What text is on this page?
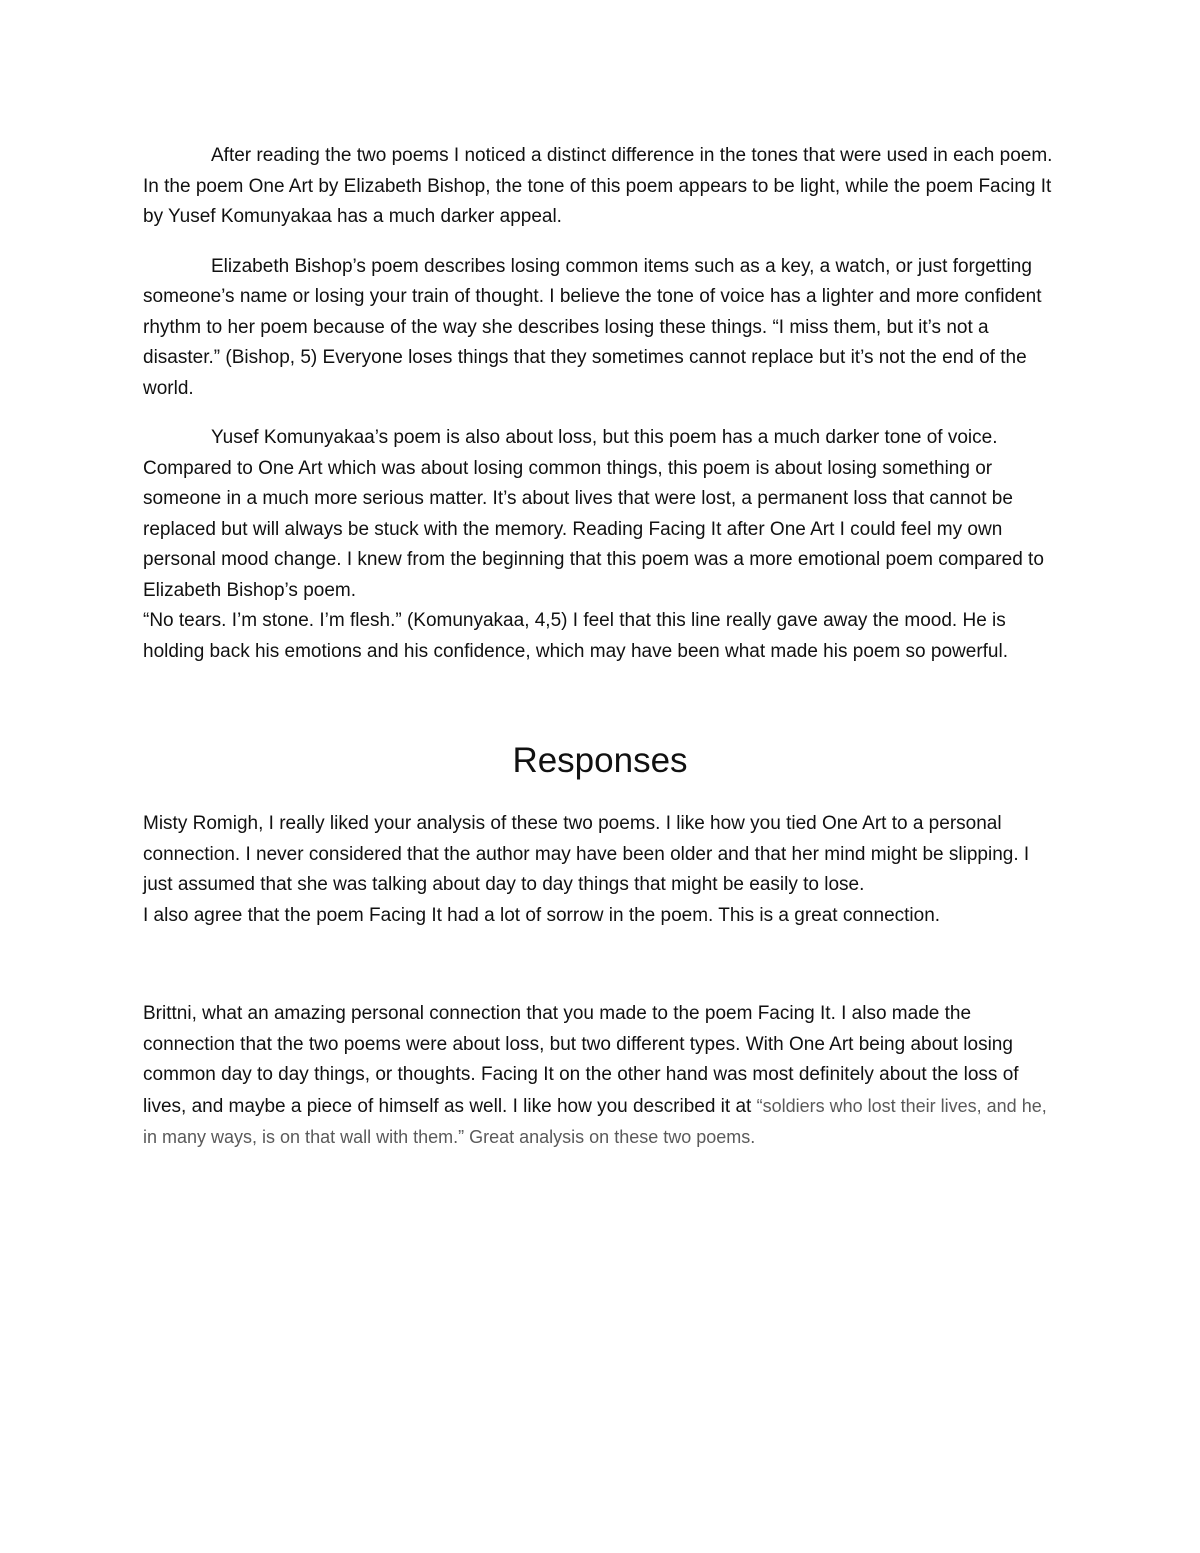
After reading the two poems I noticed a distinct difference in the tones that were used in each poem. In the poem One Art by Elizabeth Bishop, the tone of this poem appears to be light, while the poem Facing It by Yusef Komunyakaa has a much darker appeal.

Elizabeth Bishop’s poem describes losing common items such as a key, a watch, or just forgetting someone’s name or losing your train of thought. I believe the tone of voice has a lighter and more confident rhythm to her poem because of the way she describes losing these things. “I miss them, but it’s not a disaster.” (Bishop, 5) Everyone loses things that they sometimes cannot replace but it’s not the end of the world.

Yusef Komunyakaa’s poem is also about loss, but this poem has a much darker tone of voice. Compared to One Art which was about losing common things, this poem is about losing something or someone in a much more serious matter. It’s about lives that were lost, a permanent loss that cannot be replaced but will always be stuck with the memory. Reading Facing It after One Art I could feel my own personal mood change. I knew from the beginning that this poem was a more emotional poem compared to Elizabeth Bishop’s poem.

“No tears. I’m stone. I’m flesh.” (Komunyakaa, 4,5) I feel that this line really gave away the mood. He is holding back his emotions and his confidence, which may have been what made his poem so powerful.

Responses

Misty Romigh, I really liked your analysis of these two poems. I like how you tied One Art to a personal connection. I never considered that the author may have been older and that her mind might be slipping. I just assumed that she was talking about day to day things that might be easily to lose.

I also agree that the poem Facing It had a lot of sorrow in the poem. This is a great connection.

Brittni, what an amazing personal connection that you made to the poem Facing It. I also made the connection that the two poems were about loss, but two different types. With One Art being about losing common day to day things, or thoughts. Facing It on the other hand was most definitely about the loss of lives, and maybe a piece of himself as well. I like how you described it at “soldiers who lost their lives, and he, in many ways, is on that wall with them.” Great analysis on these two poems.
